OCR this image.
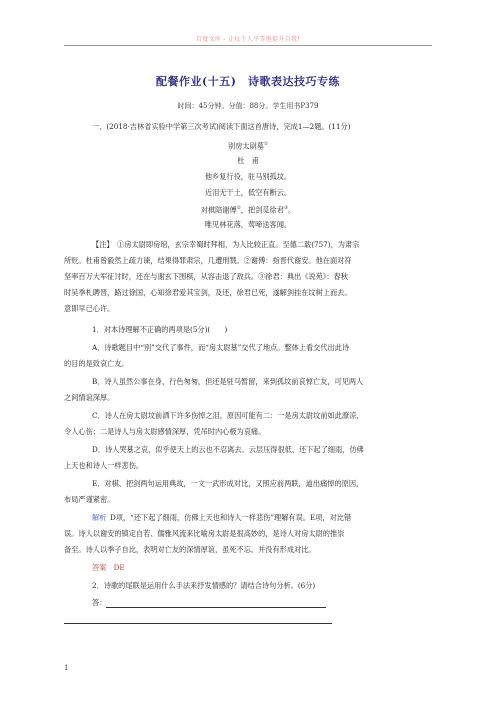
百度文库 - 让每个人平等地提升自我!
配餐作业(十五)　诗歌表达技巧专练
时间：45分钟。分值：88分。学生用书P379
一、(2018·吉林省实验中学第三次考试)阅读下面这首唐诗，完成1—2题。(11分)
别房太尉墓①
杜　甫
他乡复行役，驻马别孤坟。
近泪无干土，低空有断云。
对棋陪谢傅②，把剑觅徐君③。
唯见林花落，莺啼送客闻。
【注】  ①房太尉即房琯，玄宗幸蜀时拜相，为人比较正直。至德二载(757)，为肃宗
所贬。杜甫曾毅然上疏力谏，结果得罪肃宗，几遭刑戮。②谢傅：指晋代谢安。他在面对符
坚率百万大军征讨时，还在与谢玄下围棋，从容击退了敌兵。③徐君：典出《说苑》：春秋
时吴季札聘晋，路过徐国，心知徐君爱其宝剑，及还，徐君已死，遂解剑挂在坟树上而去。
意即早已心许。
1．对本诗理解不正确的两项是(5分)(　　)
A．诗歌题目中“别”交代了事件，而“房太尉墓”交代了地点。整体上看交代出此诗
的目的是致哀亡友。
B．诗人虽然公事在身，行色匆匆，但还是驻马暂留，来到孤坟前哀悼亡友，可见两人
之间情谊深厚。
C．诗人在房太尉坟前洒下许多伤悼之泪，原因可能有二：一是房太尉坟前如此潦凉，
令人心伤；二是诗人与房太尉感情深厚，凭吊时内心极为哀痛。
D．诗人哭墓之哀，似乎使天上的云也不忍离去。云层压得很低，还下起了细雨，仿佛
上天也和诗人一样悲伤。
E．对棋、把剑两句运用典故，一文一武形成对比，又照应前两联，道出痛悼的原因，
布局严谨紧密。
解析  D项，“还下起了细雨，仿佛上天也和诗人一样悲伤”理解有误。E项，对比错
误。诗人以谢安的镇定自若、儒雅风流来比喻房太尉是很高妙的，是诗人对房太尉的推崇
备至。诗人以季子自比，表明对亡友的深情厚谊，虽死不忘。并没有形成对比。
答案   DE
2．诗歌的尾联是运用什么手法来抒发情感的？请结合诗句分析。(6分)
答：
1
